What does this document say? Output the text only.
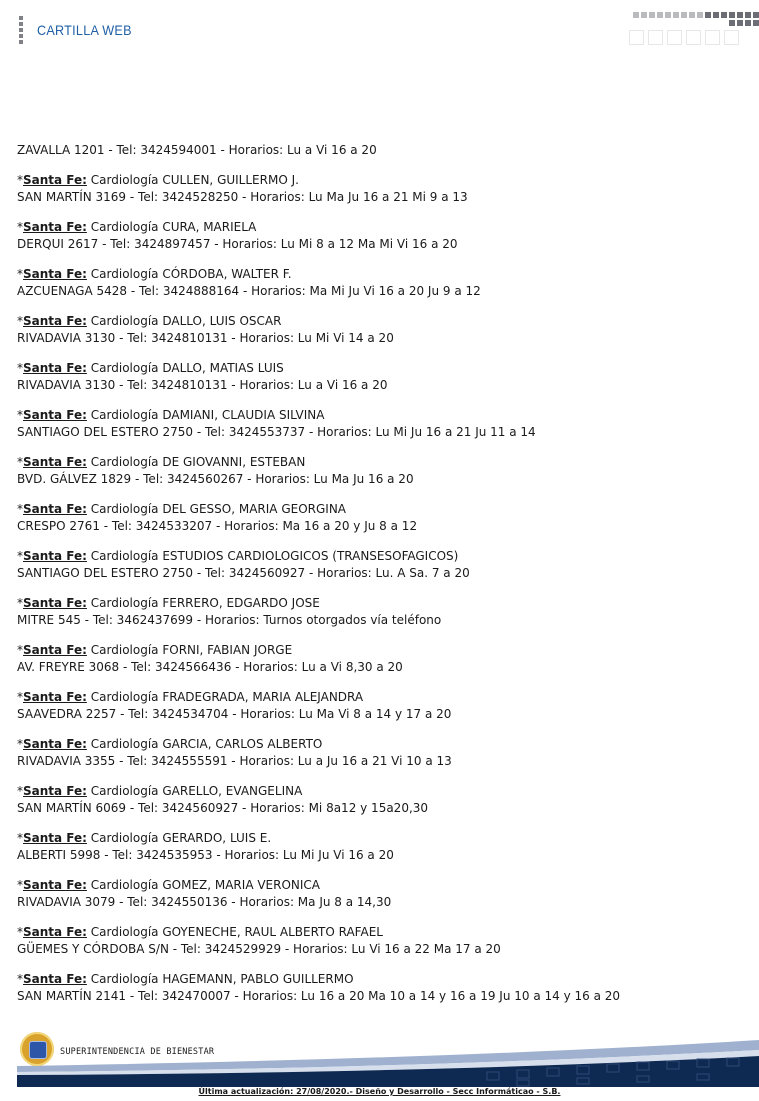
CARTILLA WEB
ZAVALLA 1201 - Tel: 3424594001 - Horarios: Lu a Vi 16 a 20
*Santa Fe: Cardiología CULLEN, GUILLERMO J.
SAN MARTÍN 3169 - Tel: 3424528250 - Horarios: Lu Ma Ju 16 a 21 Mi 9 a 13
*Santa Fe: Cardiología CURA, MARIELA
DERQUI 2617 - Tel: 3424897457 - Horarios: Lu Mi 8 a 12 Ma Mi Vi 16 a 20
*Santa Fe: Cardiología CÓRDOBA, WALTER F.
AZCUENAGA 5428 - Tel: 3424888164 - Horarios: Ma Mi Ju Vi 16 a 20 Ju 9 a 12
*Santa Fe: Cardiología DALLO, LUIS OSCAR
RIVADAVIA 3130 - Tel: 3424810131 - Horarios: Lu Mi Vi 14 a 20
*Santa Fe: Cardiología DALLO, MATIAS LUIS
RIVADAVIA 3130 - Tel: 3424810131 - Horarios: Lu a Vi 16 a 20
*Santa Fe: Cardiología DAMIANI, CLAUDIA SILVINA
SANTIAGO DEL ESTERO 2750 - Tel: 3424553737 - Horarios: Lu Mi Ju 16 a 21 Ju 11 a 14
*Santa Fe: Cardiología DE GIOVANNI, ESTEBAN
BVD. GÁLVEZ 1829 - Tel: 3424560267 - Horarios: Lu Ma Ju 16 a 20
*Santa Fe: Cardiología DEL GESSO, MARIA GEORGINA
CRESPO 2761 - Tel: 3424533207 - Horarios: Ma 16 a 20 y Ju 8 a 12
*Santa Fe: Cardiología ESTUDIOS CARDIOLOGICOS (TRANSESOFAGICOS)
SANTIAGO DEL ESTERO 2750 - Tel: 3424560927 - Horarios: Lu. A Sa. 7 a 20
*Santa Fe: Cardiología FERRERO, EDGARDO JOSE
MITRE 545 - Tel: 3462437699 - Horarios: Turnos otorgados vía teléfono
*Santa Fe: Cardiología FORNI, FABIAN JORGE
AV. FREYRE 3068 - Tel: 3424566436 - Horarios: Lu a Vi 8,30 a 20
*Santa Fe: Cardiología FRADEGRADA, MARIA ALEJANDRA
SAAVEDRA 2257 - Tel: 3424534704 - Horarios: Lu Ma Vi 8 a 14 y 17 a 20
*Santa Fe: Cardiología GARCIA, CARLOS ALBERTO
RIVADAVIA 3355 - Tel: 3424555591 - Horarios: Lu a Ju 16 a 21 Vi 10 a 13
*Santa Fe: Cardiología GARELLO, EVANGELINA
SAN MARTÍN 6069 - Tel: 3424560927 - Horarios: Mi 8a12 y 15a20,30
*Santa Fe: Cardiología GERARDO, LUIS E.
ALBERTI 5998 - Tel: 3424535953 - Horarios: Lu Mi Ju Vi 16 a 20
*Santa Fe: Cardiología GOMEZ, MARIA VERONICA
RIVADAVIA 3079 - Tel: 3424550136 - Horarios: Ma Ju 8 a 14,30
*Santa Fe: Cardiología GOYENECHE, RAUL ALBERTO RAFAEL
GÜEMES Y CÓRDOBA S/N - Tel: 3424529929 - Horarios: Lu Vi 16 a 22 Ma 17 a 20
*Santa Fe: Cardiología HAGEMANN, PABLO GUILLERMO
SAN MARTÍN 2141 - Tel: 342470007 - Horarios: Lu 16 a 20 Ma 10 a 14 y 16 a 19 Ju 10 a 14 y 16 a 20
SUPERINTENDENCIA DE BIENESTAR
Última actualización: 27/08/2020.- Diseño y Desarrollo - Secc Informáticao - S.B.
